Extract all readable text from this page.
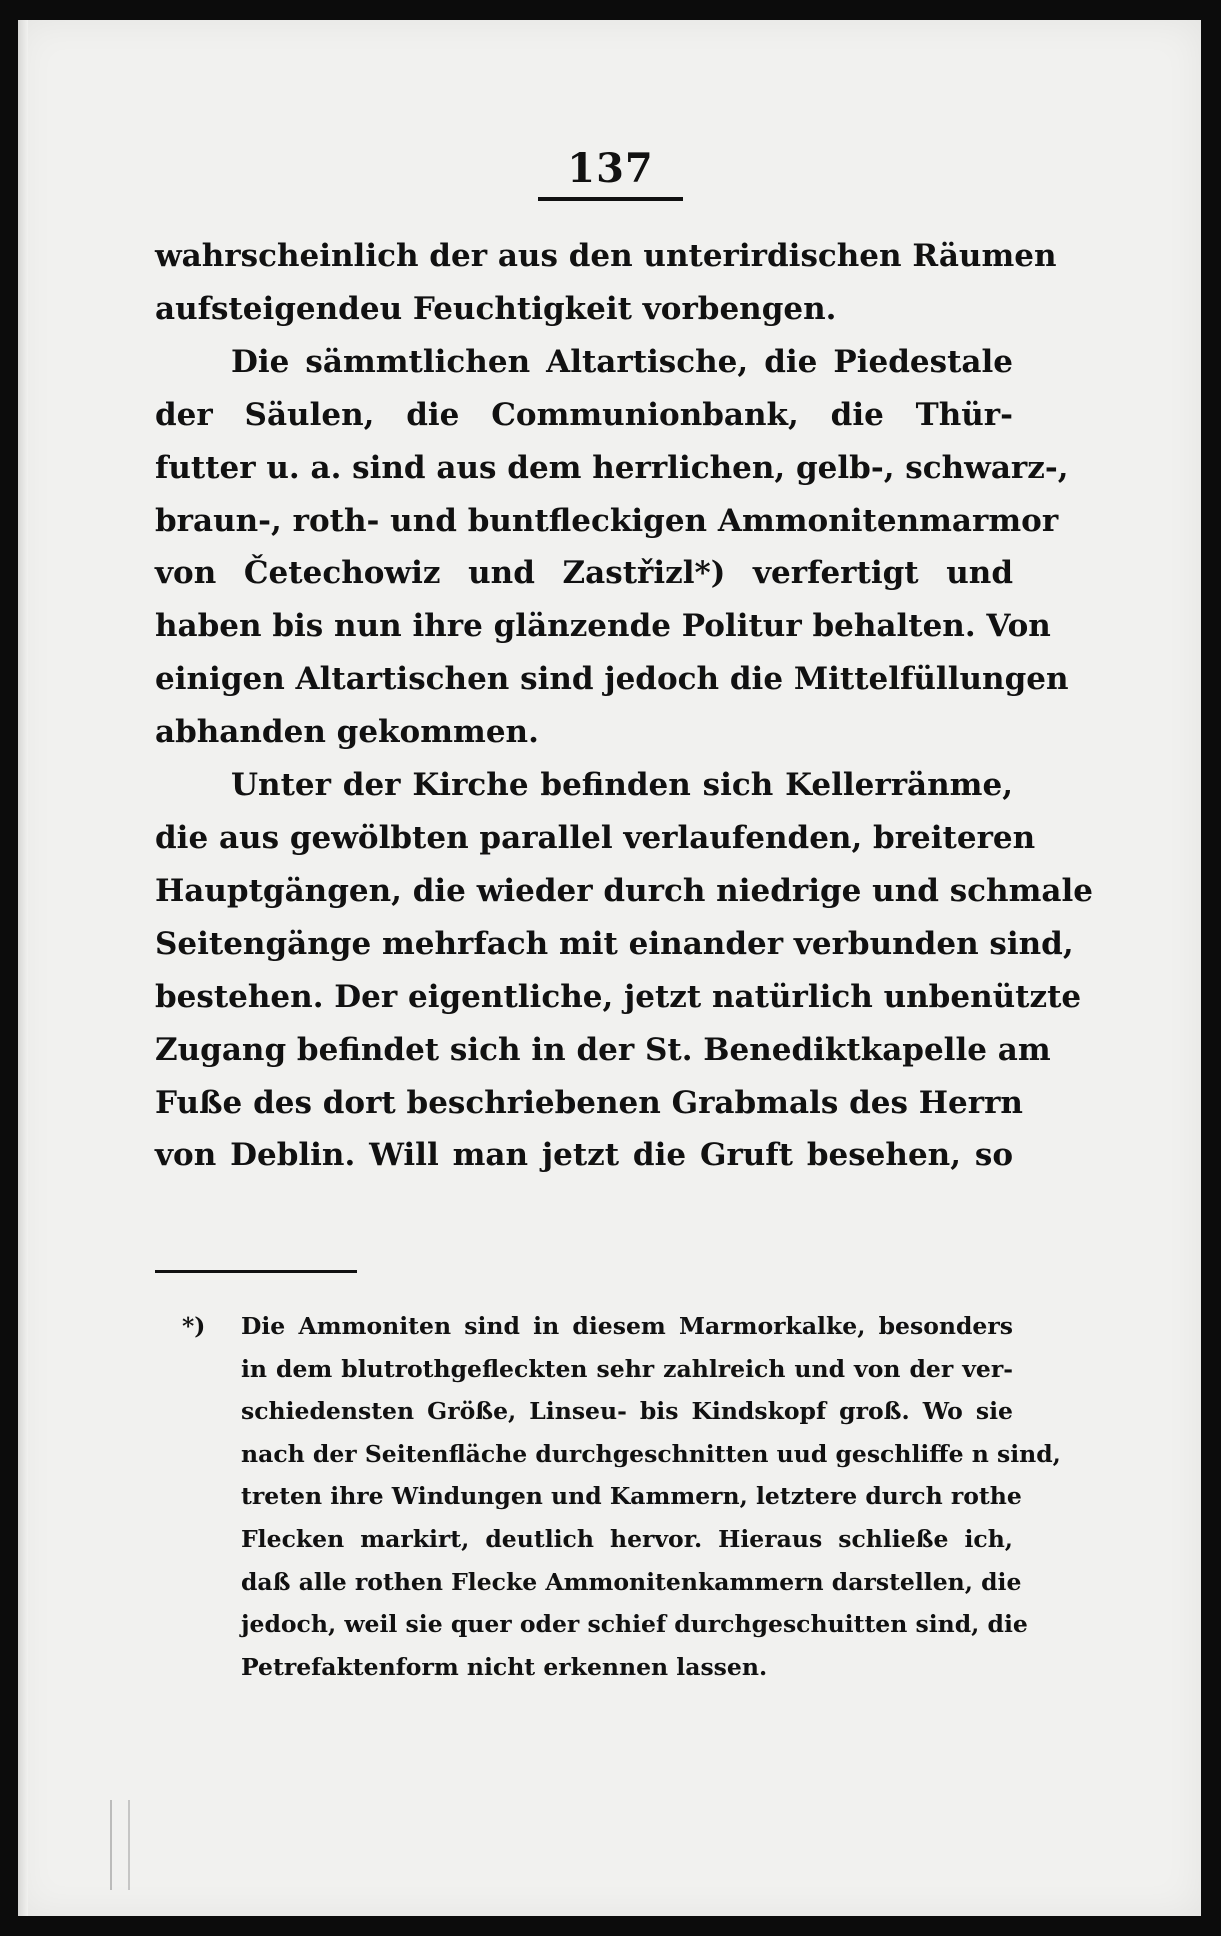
137
wahrscheinlich der aus den unterirdischen Räumen
aufsteigendeu Feuchtigkeit vorbengen.
Die sämmtlichen Altartische, die Piedestale
der Säulen, die Communionbank, die Thür-
futter u. a. sind aus dem herrlichen, gelb-, schwarz-,
braun-, roth- und buntfleckigen Ammonitenmarmor
von Četechowiz und Zastřizl*) verfertigt und
haben bis nun ihre glänzende Politur behalten. Von
einigen Altartischen sind jedoch die Mittelfüllungen
abhanden gekommen.
Unter der Kirche befinden sich Kellerränme,
die aus gewölbten parallel verlaufenden, breiteren
Hauptgängen, die wieder durch niedrige und schmale
Seitengänge mehrfach mit einander verbunden sind,
bestehen. Der eigentliche, jetzt natürlich unbenützte
Zugang befindet sich in der St. Benediktkapelle am
Fuße des dort beschriebenen Grabmals des Herrn
von Deblin. Will man jetzt die Gruft besehen, so
*) Die Ammoniten sind in diesem Marmorkalke, besonders
in dem blutrothgefleckten sehr zahlreich und von der ver-
schiedensten Größe, Linseu- bis Kindskopf groß. Wo sie
nach der Seitenfläche durchgeschnitten uud geschliffe n sind,
treten ihre Windungen und Kammern, letztere durch rothe
Flecken markirt, deutlich hervor. Hieraus schließe ich,
daß alle rothen Flecke Ammonitenkammern darstellen, die
jedoch, weil sie quer oder schief durchgeschuitten sind, die
Petrefaktenform nicht erkennen lassen.
